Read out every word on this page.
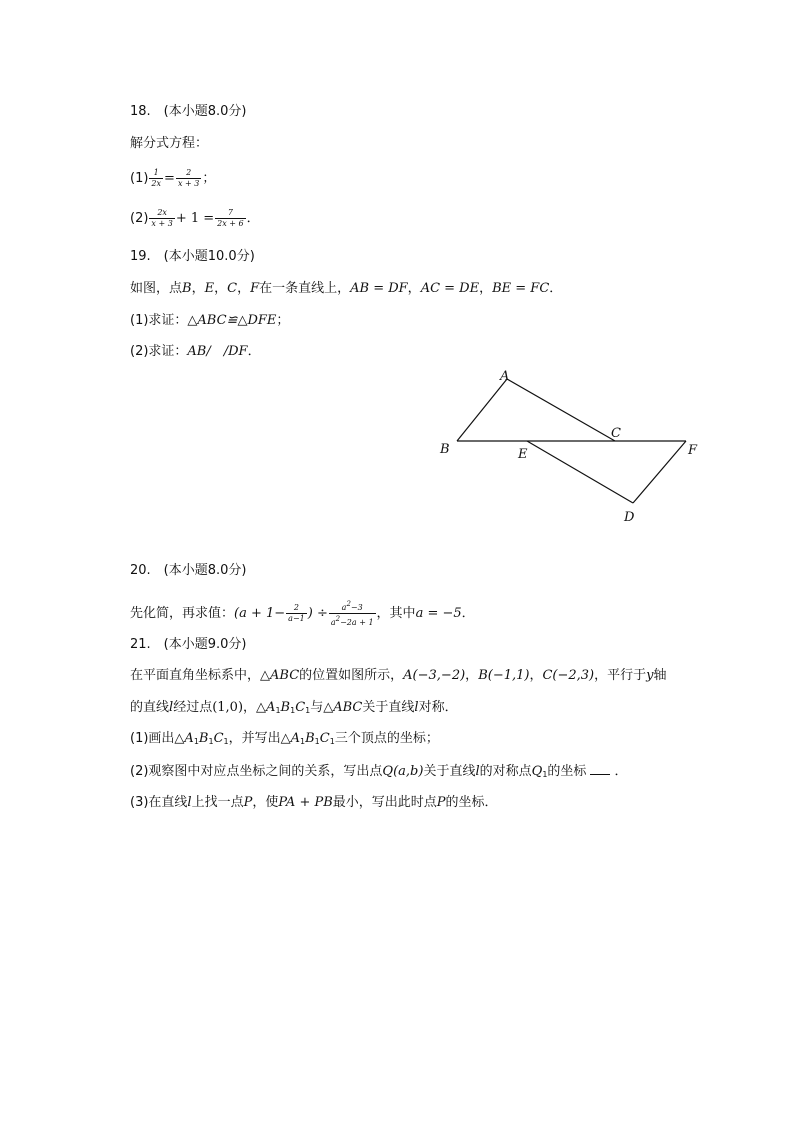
18.　(本小题8.0分)
解分式方程：
$(1) \frac{1}{2x} = \frac{2}{x + 3}$ ；
$(2) \frac{2x}{x + 3} + 1 = \frac{7}{2x + 6}$ ．
19.　(本小题10.0分)
如图，点B，E，C，F在一条直线上，AB = DF，AC = DE，BE = FC．
(1)求证：△ABC≌△DFE；
(2)求证：AB/　/DF．
A
B
C
E	F
D
20.　(本小题8.0分)
先化简，再求值：($a + 1- \frac{2}{a-1}$ ) ÷ $\frac{a^2-3}{a^2-2a + 1}$ ，其中a = −5．
21.　(本小题9.0分)
在平面直角坐标系中，△ABC的位置如图所示，A(−3,−2)，B(−1,1)，C(−2,3)，平行于y轴
的直线l经过点(1,0)，$\triangle A_1B_1C_1$与△ABC关于直线l对称．
(1)画出$\triangle A_1B_1C_1$，并写出$\triangle A_1B_1C_1$三个顶点的坐标；
(2)观察图中对应点坐标之间的关系，写出点Q(a,b)关于直线l的对称点$Q_1$的坐标 ．
(3)在直线l上找一点P，使PA + PB最小，写出此时点P的坐标．
